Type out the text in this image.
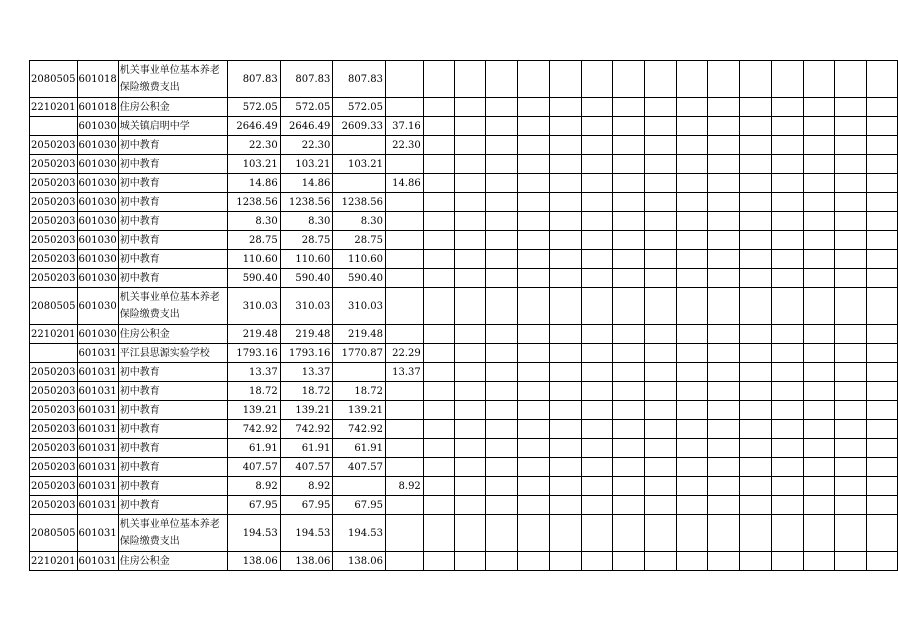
2080505	601018	机关事业单位基本养老保险缴费支出	807.83	807.83	807.83																
2210201	601018	住房公积金	572.05	572.05	572.05																
	601030	城关镇启明中学	2646.49	2646.49	2609.33	37.16															
2050203	601030	初中教育	22.30	22.30		22.30															
2050203	601030	初中教育	103.21	103.21	103.21																
2050203	601030	初中教育	14.86	14.86		14.86															
2050203	601030	初中教育	1238.56	1238.56	1238.56																
2050203	601030	初中教育	8.30	8.30	8.30																
2050203	601030	初中教育	28.75	28.75	28.75																
2050203	601030	初中教育	110.60	110.60	110.60																
2050203	601030	初中教育	590.40	590.40	590.40																
2080505	601030	机关事业单位基本养老保险缴费支出	310.03	310.03	310.03																
2210201	601030	住房公积金	219.48	219.48	219.48																
	601031	平江县思源实验学校	1793.16	1793.16	1770.87	22.29															
2050203	601031	初中教育	13.37	13.37		13.37															
2050203	601031	初中教育	18.72	18.72	18.72																
2050203	601031	初中教育	139.21	139.21	139.21																
2050203	601031	初中教育	742.92	742.92	742.92																
2050203	601031	初中教育	61.91	61.91	61.91																
2050203	601031	初中教育	407.57	407.57	407.57																
2050203	601031	初中教育	8.92	8.92		8.92															
2050203	601031	初中教育	67.95	67.95	67.95																
2080505	601031	机关事业单位基本养老保险缴费支出	194.53	194.53	194.53																
2210201	601031	住房公积金	138.06	138.06	138.06																
